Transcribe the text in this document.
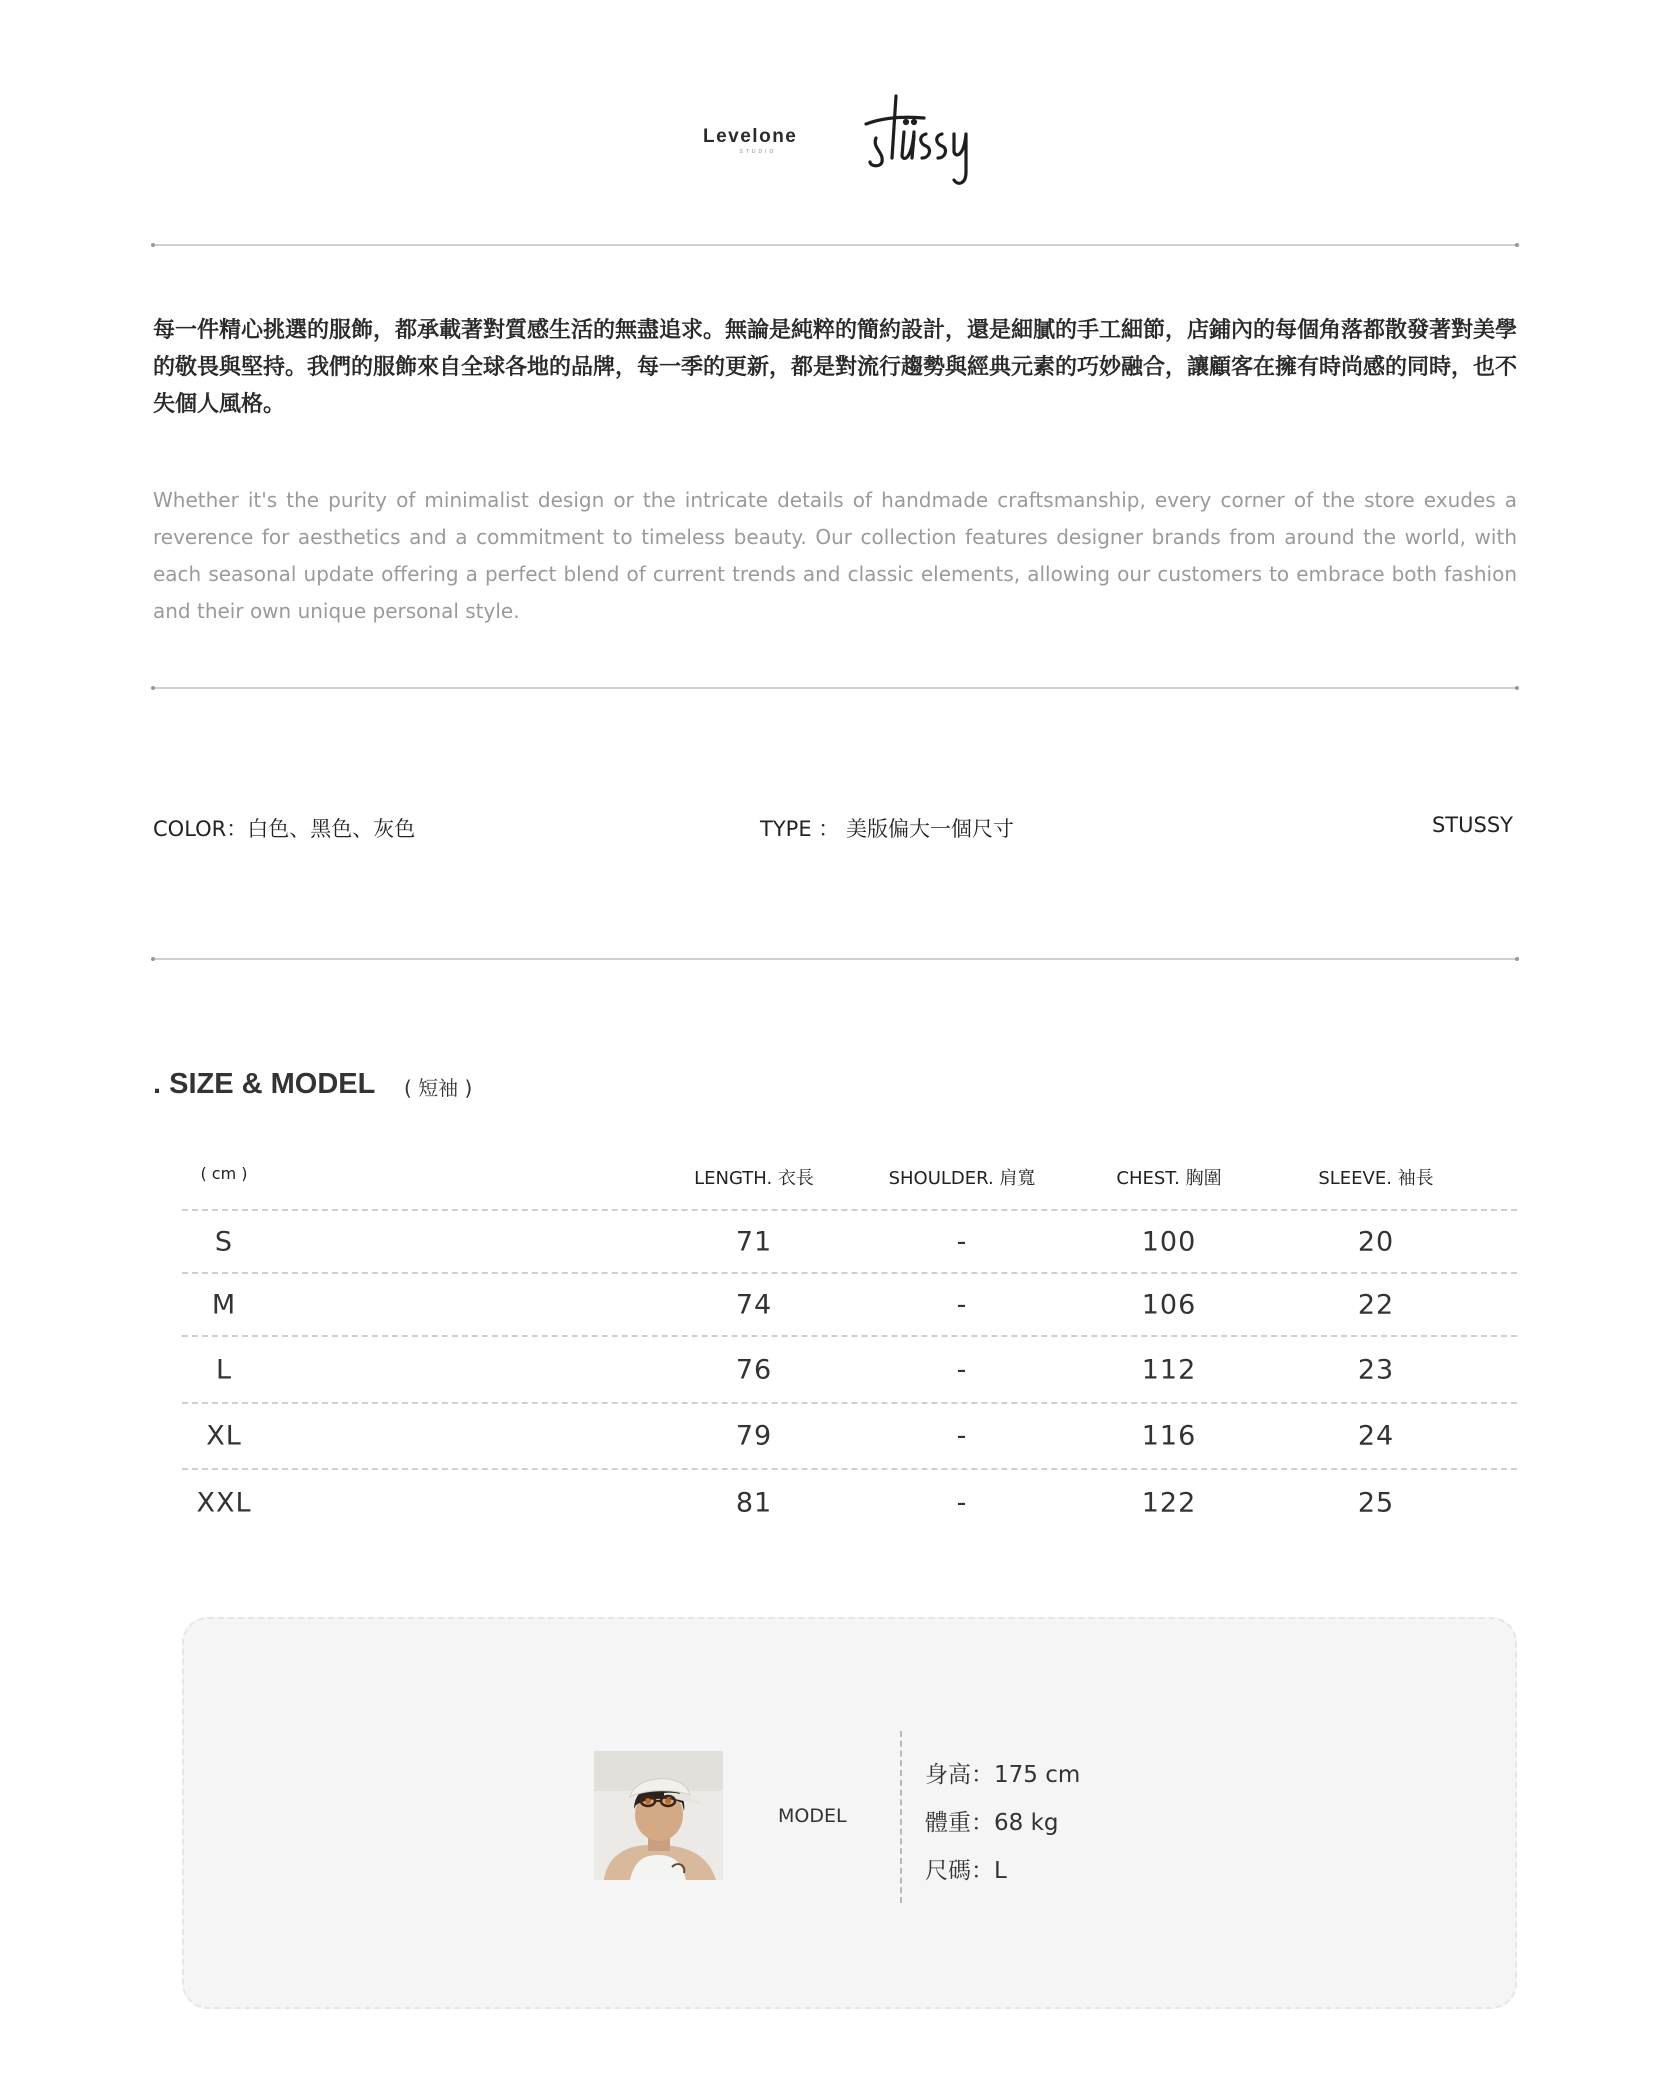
Levelone
STUDIO

每一件精心挑選的服飾，都承載著對質感生活的無盡追求。無論是純粹的簡約設計，還是細膩的手工細節，店鋪內的每個角落都散發著對美學的敬畏與堅持。我們的服飾來自全球各地的品牌，每一季的更新，都是對流行趨勢與經典元素的巧妙融合，讓顧客在擁有時尚感的同時，也不失個人風格。

Whether it's the purity of minimalist design or the intricate details of handmade craftsmanship, every corner of the store exudes a reverence for aesthetics and a commitment to timeless beauty. Our collection features designer brands from around the world, with each seasonal update offering a perfect blend of current trends and classic elements, allowing our customers to embrace both fashion and their own unique personal style.

COLOR：白色、黑色、灰色	TYPE ： 美版偏大一個尺寸	STUSSY
. SIZE & MODEL ( 短袖 )
( cm )	LENGTH. 衣長	SHOULDER. 肩寬	CHEST. 胸圍	SLEEVE. 袖長
S	71	-	100	20
M	74	-	106	22
L	76	-	112	23
XL	79	-	116	24
XXL	81	-	122	25
MODEL
身高：175 cm
體重：68 kg
尺碼：L
